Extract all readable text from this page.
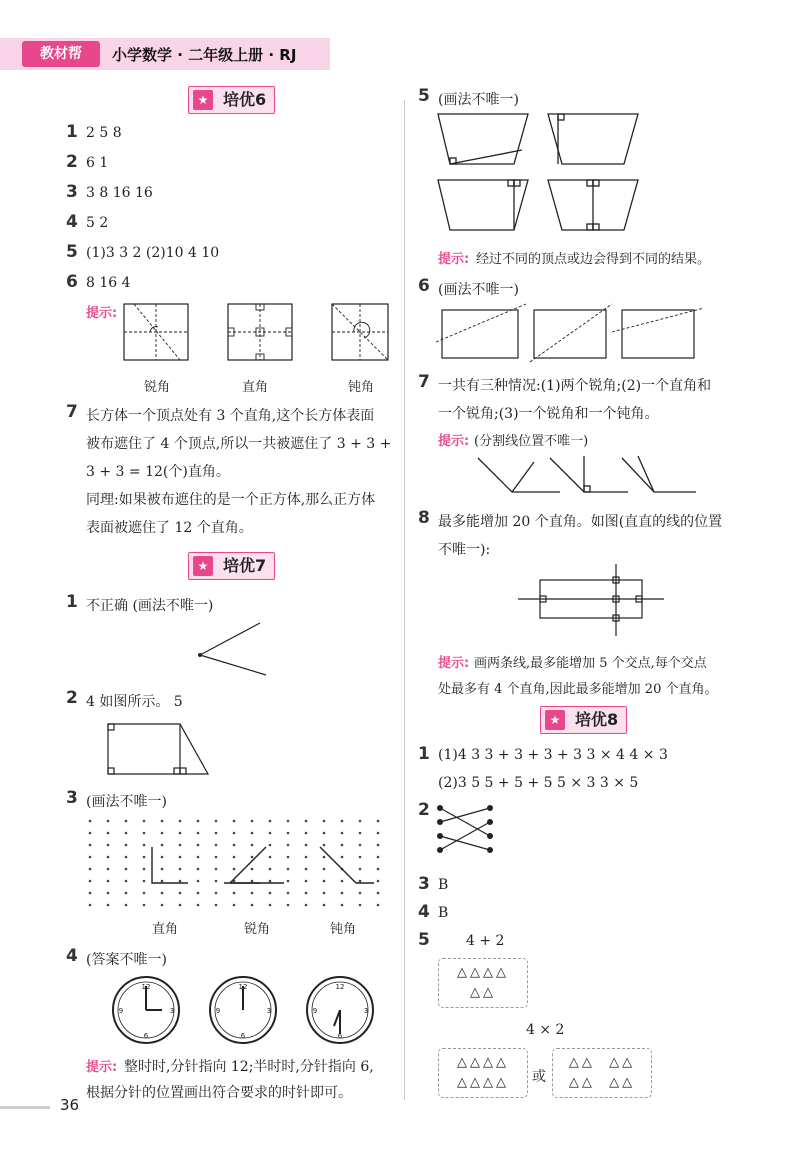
教材帮	小学数学 · 二年级上册 · RJ
★ 培优6
1 2 5 8
2 6 1
3 3 8 16 16
4 5 2
5 (1)3 3 2 (2)10 4 10
6 8 16 4
提示:
锐角	直角	钝角
7 长方体一个顶点处有 3 个直角,这个长方体表面
被布遮住了 4 个顶点,所以一共被遮住了 3 + 3 +
3 + 3 = 12(个)直角。
同理:如果被布遮住的是一个正方体,那么正方体
表面被遮住了 12 个直角。
★ 培优7
1 不正确 (画法不唯一)
2 4 如图所示。 5
3 (画法不唯一)
直角	锐角	钝角
4 (答案不唯一)
12
3
6
9
12
3
6
9
12
3
6
9
提示: 整时时,分针指向 12;半时时,分针指向 6,
根据分针的位置画出符合要求的时针即可。
5 (画法不唯一)
提示: 经过不同的顶点或边会得到不同的结果。
6 (画法不唯一)
7 一共有三种情况:(1)两个锐角;(2)一个直角和
一个锐角;(3)一个锐角和一个钝角。
提示: (分割线位置不唯一)
8 最多能增加 20 个直角。如图(直直的线的位置
不唯一):
提示: 画两条线,最多能增加 5 个交点,每个交点
处最多有 4 个直角,因此最多能增加 20 个直角。
★ 培优8
1 (1)4 3 3 + 3 + 3 + 3 3 × 4 4 × 3
(2)3 5 5 + 5 + 5 5 × 3 3 × 5
2
3 B
4 B
5	4 + 2
△△△△
△△
4 × 2
△△△△
△△△△	或
△△  △△
△△  △△
36
